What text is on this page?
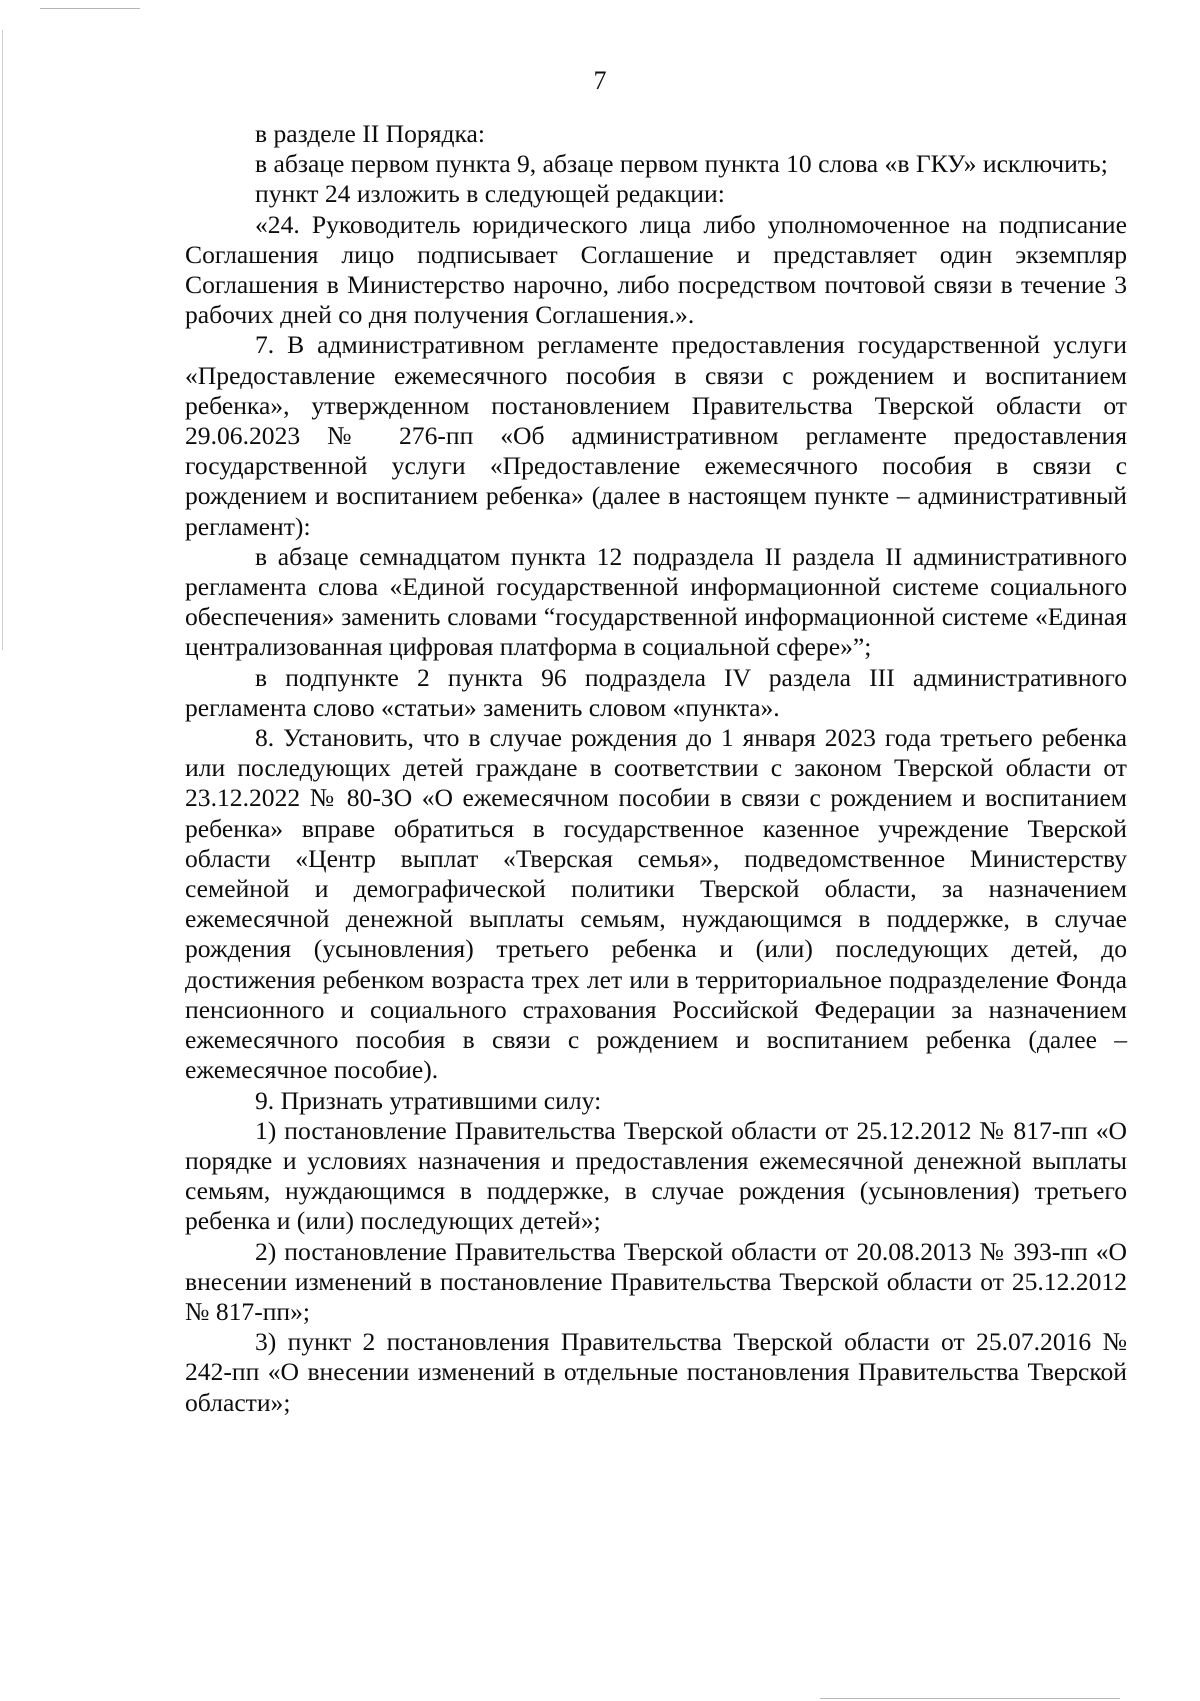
7

в разделе II Порядка:

в абзаце первом пункта 9, абзаце первом пункта 10 слова «в ГКУ» исключить;

пункт 24 изложить в следующей редакции:

«24. Руководитель юридического лица либо уполномоченное на подписание Соглашения лицо подписывает Соглашение и представляет один экземпляр Соглашения в Министерство нарочно, либо посредством почтовой связи в течение 3 рабочих дней со дня получения Соглашения.».

7. В административном регламенте предоставления государственной услуги «Предоставление ежемесячного пособия в связи с рождением и воспитанием ребенка», утвержденном постановлением Правительства Тверской области от 29.06.2023 № 276-пп «Об административном регламенте предоставления государственной услуги «Предоставление ежемесячного пособия в связи с рождением и воспитанием ребенка» (далее в настоящем пункте – административный регламент):

в абзаце семнадцатом пункта 12 подраздела II раздела II административного регламента слова «Единой государственной информационной системе социального обеспечения» заменить словами “государственной информационной системе «Единая централизованная цифровая платформа в социальной сфере»”;

в подпункте 2 пункта 96 подраздела IV раздела III административного регламента слово «статьи» заменить словом «пункта».

8. Установить, что в случае рождения до 1 января 2023 года третьего ребенка или последующих детей граждане в соответствии с законом Тверской области от 23.12.2022 № 80-ЗО «О ежемесячном пособии в связи с рождением и воспитанием ребенка» вправе обратиться в государственное казенное учреждение Тверской области «Центр выплат «Тверская семья», подведомственное Министерству семейной и демографической политики Тверской области, за назначением ежемесячной денежной выплаты семьям, нуждающимся в поддержке, в случае рождения (усыновления) третьего ребенка и (или) последующих детей, до достижения ребенком возраста трех лет или в территориальное подразделение Фонда пенсионного и социального страхования Российской Федерации за назначением ежемесячного пособия в связи с рождением и воспитанием ребенка (далее – ежемесячное пособие).

9. Признать утратившими силу:

1) постановление Правительства Тверской области от 25.12.2012 № 817-пп «О порядке и условиях назначения и предоставления ежемесячной денежной выплаты семьям, нуждающимся в поддержке, в случае рождения (усыновления) третьего ребенка и (или) последующих детей»;

2) постановление Правительства Тверской области от 20.08.2013 № 393-пп «О внесении изменений в постановление Правительства Тверской области от 25.12.2012 № 817-пп»;

3) пункт 2 постановления Правительства Тверской области от 25.07.2016 № 242-пп «О внесении изменений в отдельные постановления Правительства Тверской области»;
